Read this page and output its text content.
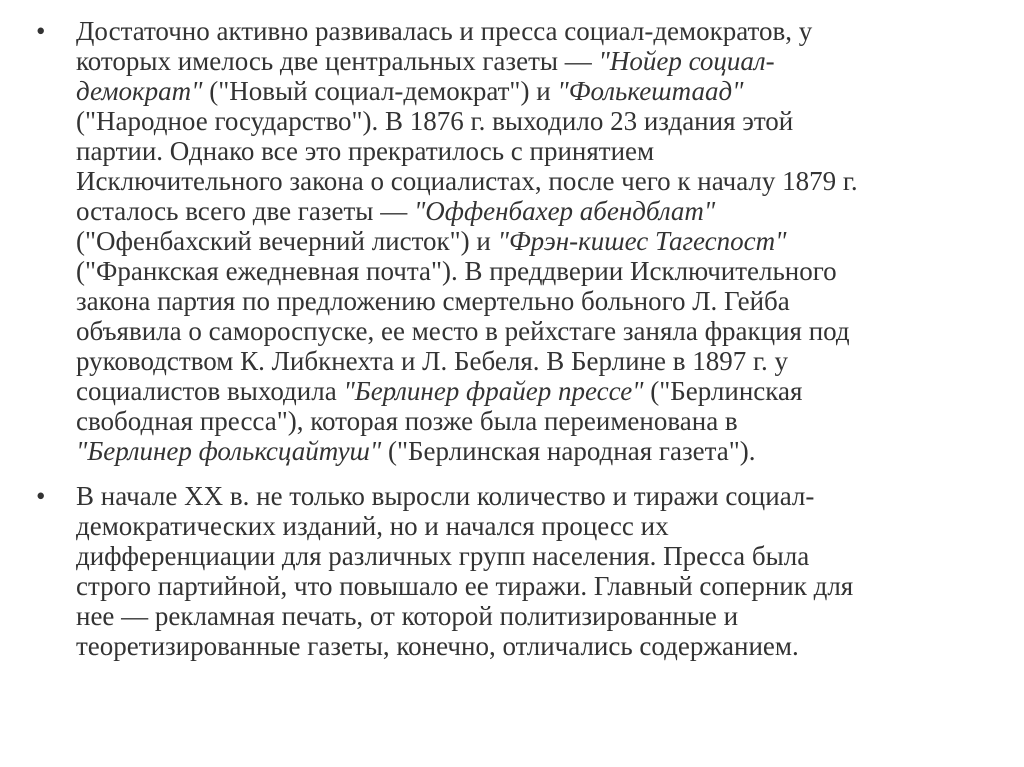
• Достаточно активно развивалась и пресса социал-демократов, у
которых имелось две центральных газеты — "Нойер социал-
демократ" ("Новый социал-демократ") и "Фолькештаад"
("Народное государство"). В 1876 г. выходило 23 издания этой
партии. Однако все это прекратилось с принятием
Исключительного закона о социалистах, после чего к началу 1879 г.
осталось всего две газеты — "Оффенбахер абендблат"
("Офенбахский вечерний листок") и "Фрэн-кишес Тагеспост"
("Франкская ежедневная почта"). В преддверии Исключительного
закона партия по предложению смертельно больного Л. Гейба
объявила о самороспуске, ее место в рейхстаге заняла фракция под
руководством К. Либкнехта и Л. Бебеля. В Берлине в 1897 г. у
социалистов выходила "Берлинер фрайер прессе" ("Берлинская
свободная пресса"), которая позже была переименована в
"Берлинер фольксцайтуш" ("Берлинская народная газета").
• В начале XX в. не только выросли количество и тиражи социал-
демократических изданий, но и начался процесс их
дифференциации для различных групп населения. Пресса была
строго партийной, что повышало ее тиражи. Главный соперник для
нее — рекламная печать, от которой политизированные и
теоретизированные газеты, конечно, отличались содержанием.
